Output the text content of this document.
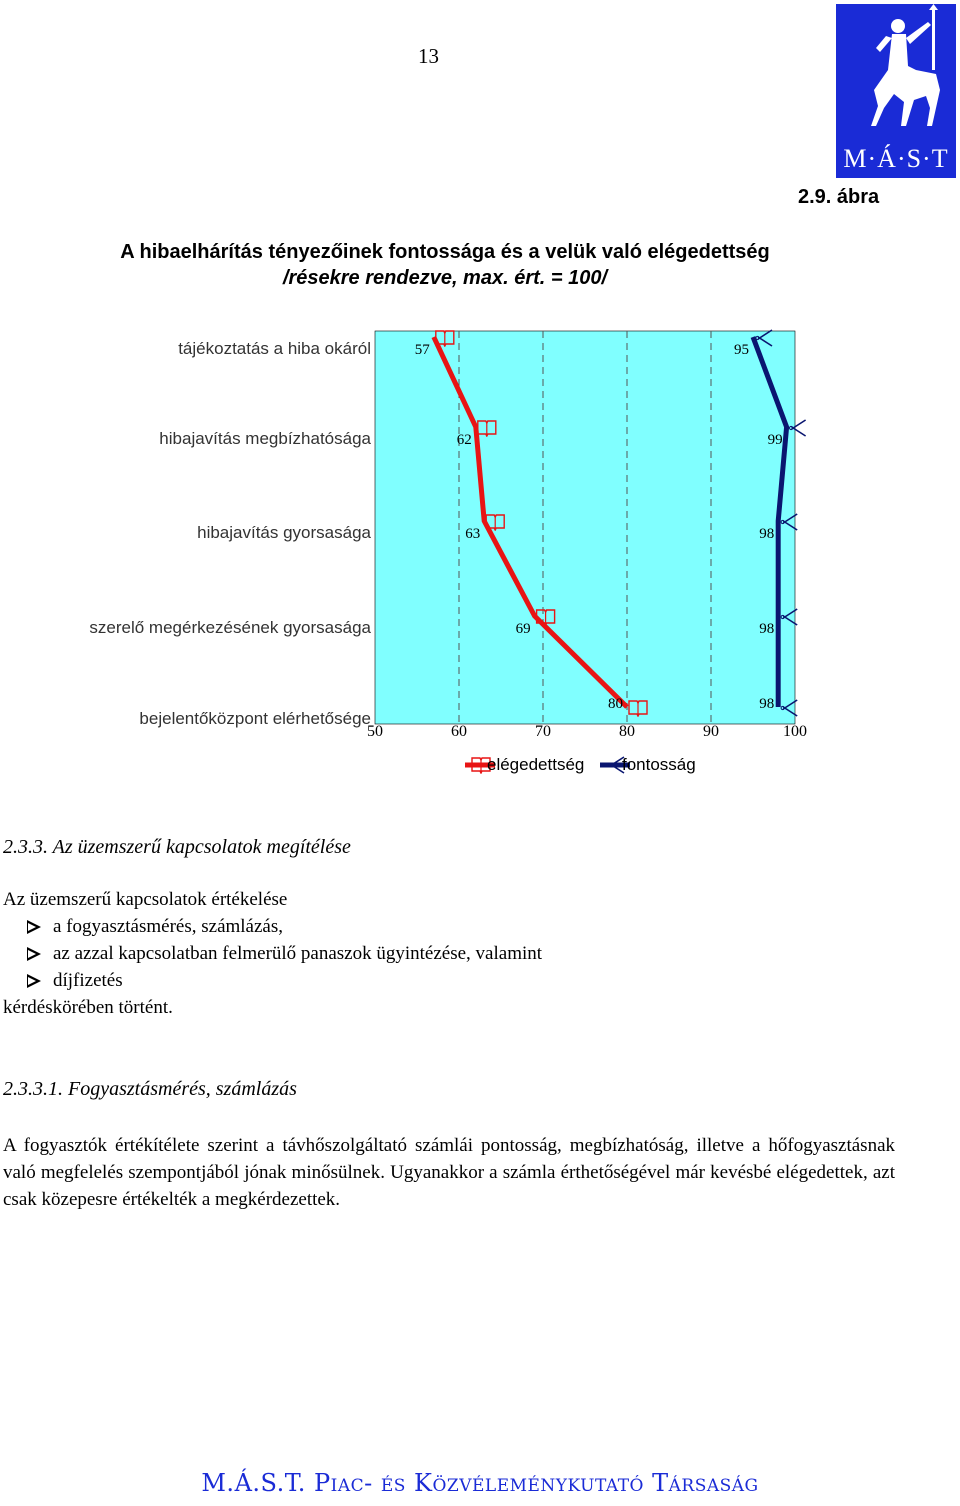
13
M·Á·S·T
2.9. ábra
A hibaelhárítás tényezőinek fontossága és a velük való elégedettség
/résekre rendezve, max. ért. = 100/
tájékoztatás a hiba okáról
hibajavítás megbízhatósága
hibajavítás gyorsasága
szerelő megérkezésének gyorsasága
bejelentőközpont elérhetősége
50	60	70	80	90	100
57
62
63
69
80
95
99
98
98
98
elégedettség fontosság
2.3.3. Az üzemszerű kapcsolatok megítélése
Az üzemszerű kapcsolatok értékelése
a fogyasztásmérés, számlázás,
az azzal kapcsolatban felmerülő panaszok ügyintézése, valamint
díjfizetés
kérdéskörében történt.
2.3.3.1. Fogyasztásmérés, számlázás
A fogyasztók értékítélete szerint a távhőszolgáltató számlái pontosság, megbízhatóság, illetve a hőfogyasztásnak való megfelelés szempontjából jónak minősülnek. Ugyanakkor a számla érthetőségével már kevésbé elégedettek, azt csak közepesre értékelték a megkérdezettek.
M.Á.S.T. Piac- és Közvéleménykutató Társaság
